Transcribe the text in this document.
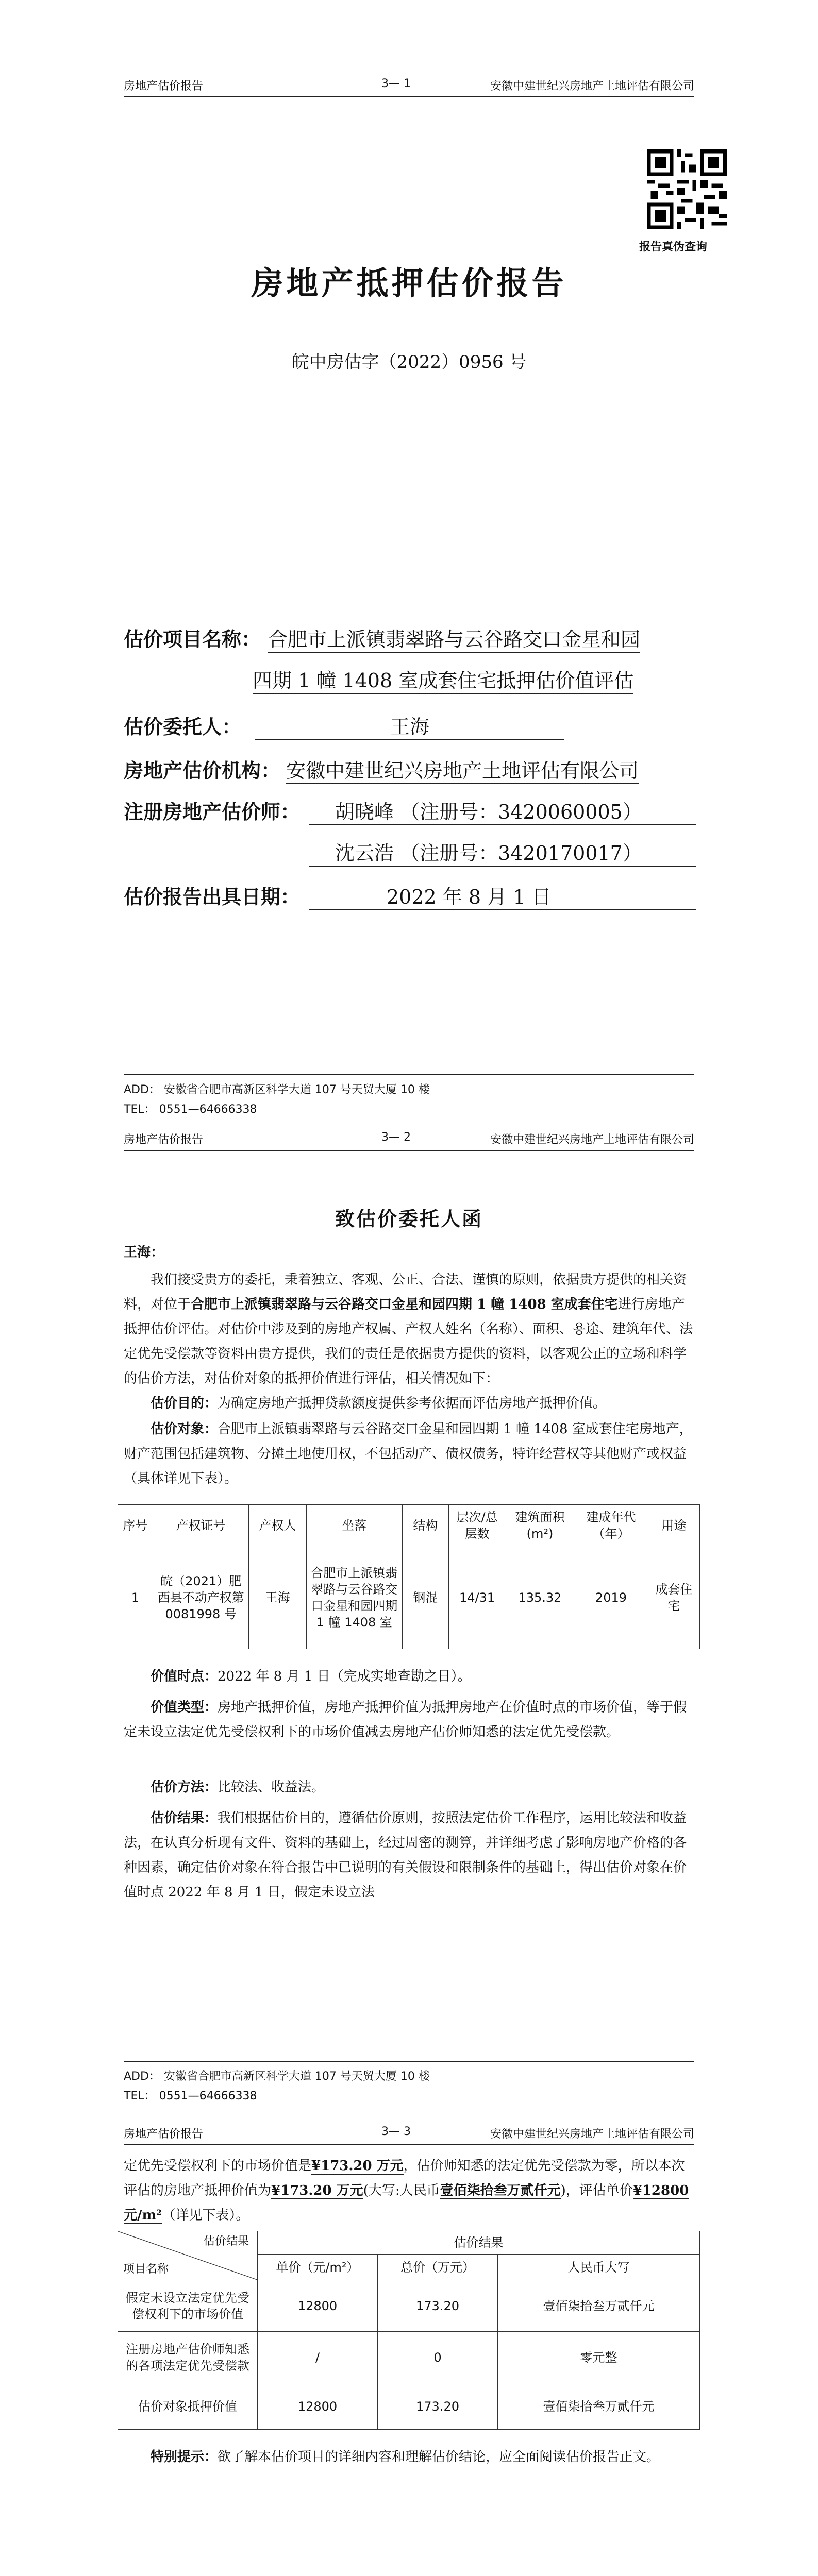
房地产估价报告	3— 1	安徽中建世纪兴房地产土地评估有限公司
报告真伪查询
房地产抵押估价报告
皖中房估字（2022）0956 号
估价项目名称： 合肥市上派镇翡翠路与云谷路交口金星和园
四期 1 幢 1408 室成套住宅抵押估价值评估
估价委托人：	王海
房地产估价机构： 安徽中建世纪兴房地产土地评估有限公司
注册房地产估价师：	胡晓峰 （注册号：3420060005）
沈云浩 （注册号：3420170017）
估价报告出具日期：	2022 年 8 月 1 日
ADD： 安徽省合肥市高新区科学大道 107 号天贸大厦 10 楼
TEL： 0551—64666338
房地产估价报告	3— 2	安徽中建世纪兴房地产土地评估有限公司
致估价委托人函
王海：

我们接受贵方的委托，秉着独立、客观、公正、合法、谨慎的原则，依据贵方提供的相关资料，对位于合肥市上派镇翡翠路与云谷路交口金星和园四期 1 幢 1408 室成套住宅进行房地产抵押估价评估。对估价中涉及到的房地产权属、产权人姓名（名称）、面积、용途、建筑年代、法定优先受偿款等资料由贵方提供，我们的责任是依据贵方提供的资料，以客观公正的立场和科学的估价方法，对估价对象的抵押价值进行评估，相关情况如下：

估价目的：为确定房地产抵押贷款额度提供参考依据而评估房地产抵押价值。

估价对象：合肥市上派镇翡翠路与云谷路交口金星和园四期 1 幢 1408 室成套住宅房地产，财产范围包括建筑物、分摊土地使用权，不包括动产、债权债务，特许经营权等其他财产或权益（具体详见下表）。

序号	产权证号	产权人	坐落	结构	层次/总层数	建筑面积(m²)	建成年代（年）	用途
1	皖（2021）肥西县不动产权第0081998 号	王海	合肥市上派镇翡翠路与云谷路交口金星和园四期 1 幢 1408 室	钢混	14/31	135.32	2019	成套住宅

价值时点：2022 年 8 月 1 日（完成实地查勘之日）。

价值类型：房地产抵押价值，房地产抵押价值为抵押房地产在价值时点的市场价值，等于假定未设立法定优先受偿权利下的市场价值减去房地产估价师知悉的法定优先受偿款。

估价方法：比较法、收益法。

估价结果：我们根据估价目的，遵循估价原则，按照法定估价工作程序，运用比较法和收益法，在认真分析现有文件、资料的基础上，经过周密的测算，并详细考虑了影响房地产价格的各种因素，确定估价对象在符合报告中已说明的有关假设和限制条件的基础上，得出估价对象在价值时点 2022 年 8 月 1 日，假定未设立法

ADD： 安徽省合肥市高新区科学大道 107 号天贸大厦 10 楼
TEL： 0551—64666338
房地产估价报告	3— 3	安徽中建世纪兴房地产土地评估有限公司

定优先受偿权利下的市场价值是¥173.20 万元，估价师知悉的法定优先受偿款为零，所以本次评估的房地产抵押价值为¥173.20 万元(大写:人民币壹佰柒拾叁万贰仟元)，评估单价¥12800 元/m²（详见下表）。

估价结果
项目名称	估价结果		
	单价（元/m²）	总价（万元）	人民币大写
假定未设立法定优先受偿权利下的市场价值	12800	173.20	壹佰柒拾叁万贰仟元
注册房地产估价师知悉的各项法定优先受偿款	/	0	零元整
估价对象抵押价值	12800	173.20	壹佰柒拾叁万贰仟元

特别提示：欲了解本估价项目的详细内容和理解估价结论，应全面阅读估价报告正文。
